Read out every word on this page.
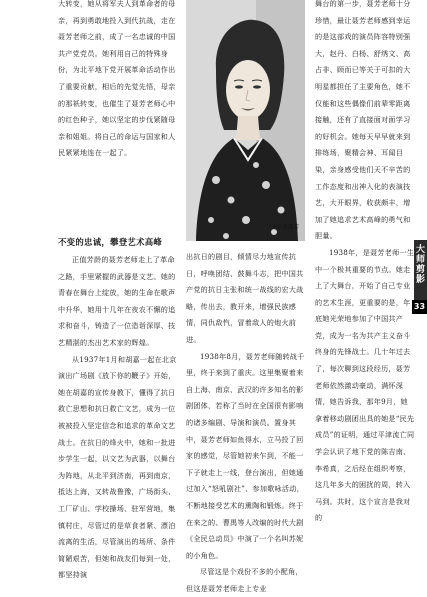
大转变，她从将军夫人到革命者的母亲，再到勇敢地投入到代抗战，走在聂芳老师之前，成了一名忠诚的中国共产党党员。她利用自己的特殊身份，为北平地下党开展革命活动作出了重要贡献，相后的先觉先悟，母亲的那祇转变，也催生了聂芳老师心中的红色种子，她以坚定的步伐紧随母亲和姐姐。将自己的命运与国家和人民紧紧地连在一起了。

不变的忠诚，攀登艺术高峰

正值芳龄的聂芳老师走上了革命之路，手里紧握的武器是文艺。她的青春在舞台上绽放，她的生命在歌声中升华，她用十几年在夜农不懈的追求和奋斗，铸造了一位造诣深厚、技艺精湛的杰出艺术家的辉煌。

从1937年1月和胡嘉一起在北京演出广场剧《放下你的鞭子》开始，她在胡嘉的宣传身教下，懂得了抗日救亡思想和抗日救亡文艺，成为一位被被投入坚定信念和追求的革命文艺战士。在抗日的烽火中，她和一批进步学生一起，以文艺为武器，以舞台为阵地，从北平到济南，再到南京，抵达上海，又转战鲁豫，广场街头、工厂矿山、学校操场、驻军营地，集镇村庄，尽管过的是草食者紧、漂泊流离的生活，尽管演出的场所、条件简陋艰苦，但她和战友们每到一处，都坚持演

青年张瑞芳

出抗日的剧目，倾情尽力地宣传抗日，呼唤团结、鼓舞斗志，把中国共产党的抗日主张和统一战线的宏大战略，传出去，教开来，增强民族感情，同仇敌忾，冒着敌人的炮火前进。

1938年8月，聂芳老师随转战千里，终于来到了重庆。这里集聚着来自上海、南京、武汉的许多知名的影剧团体，若称了当时在全国很有影响的诸多编剧、导演和演员。置身其中，聂芳老师如鱼得水，立马投了回家的感觉，尽管她初来乍到，不能一下子就走上一线，登台演出，但她通过加入“怒吼剧社”、参加歌咏活动，不断地接受艺术的熏陶和锻炼。终于在来之的、曹禺等人改编的时代大剧《全民总动员》中演了一个名叫苏妮的小角色。

尽管这是个戏份不多的小配角，但这是聂芳老师走上专业

舞台的第一步，聂芳老师十分珍惜，最让聂芳老师感到幸运的是这部戏的演员阵容特别强大，赵丹、白杨、舒绣文、高占非、顾而已等关于可扣的大明星都担任了主要角色，她不仅能和这些偶像们前辈零距离接触，还有了直接面对面学习的好机会。她每天早早就来到排练场，聚精会神、耳闻目染，亲身感受他们天不辛苦的工作态度和出神入化的表演技艺，大开眼界，收获颇丰，增加了她追求艺术高峰的勇气和胆量。

1938年，是聂芳老师一生中一个极其重要的节点。她走上了大舞台，开始了自己专业的艺术生涯，更重要的是，年底她光荣地参加了中国共产党，成为一名为共产主义奋斗终身的先锋战士。几十年过去了，每次聊到这段经历，聂芳老师依然激动豪动，满怀深情，她告诉我，那年9月，她拿着移动剧团出具的她是“民先成员”的证明，通过平津流亡同学会认识了地下党的陈吉南、李希真，之后经在组织考察，这几年多大的困扰的周，转入马到。共时，这个宣言是我对的

大
师
剪
影
33
